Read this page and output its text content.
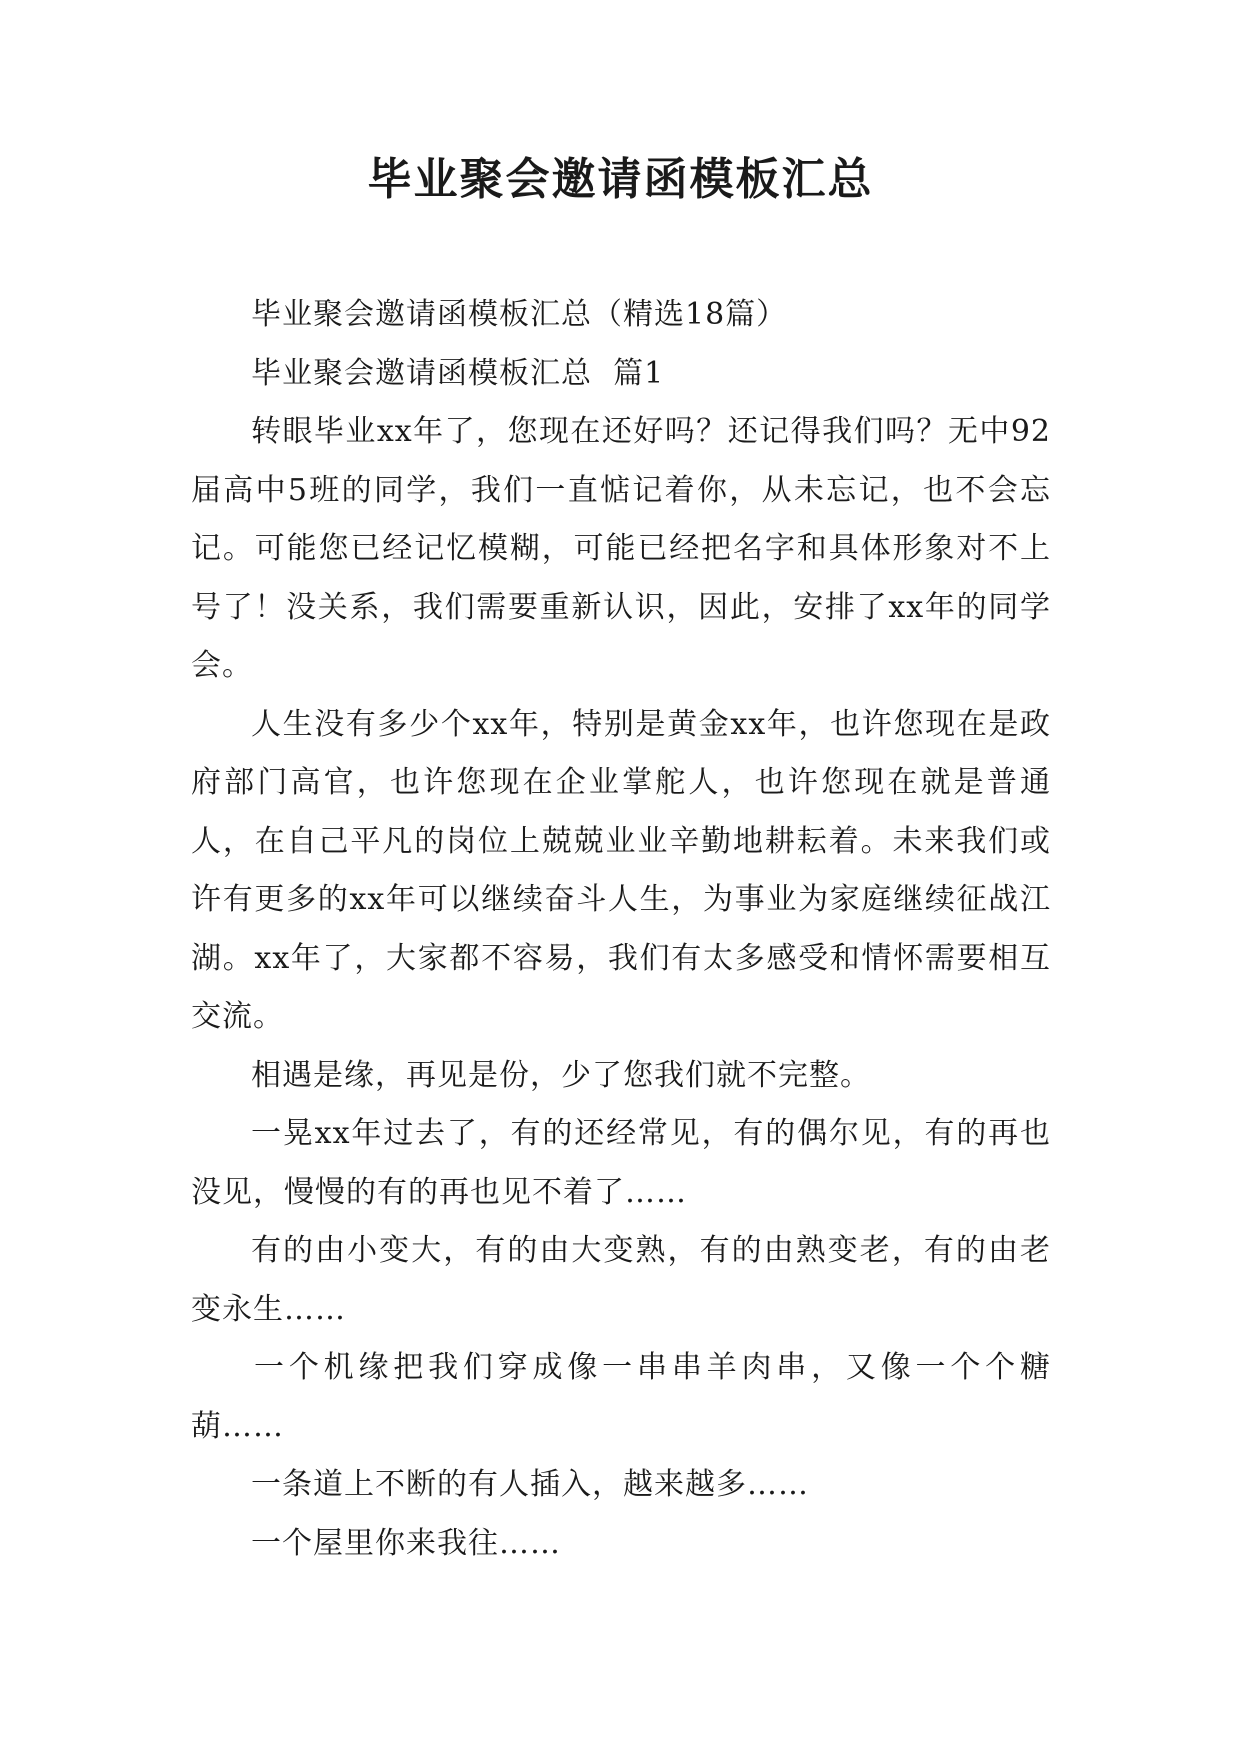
毕业聚会邀请函模板汇总

毕业聚会邀请函模板汇总（精选18篇）

毕业聚会邀请函模板汇总  篇1

转眼毕业xx年了，您现在还好吗？还记得我们吗？无中92届高中5班的同学，我们一直惦记着你，从未忘记，也不会忘记。可能您已经记忆模糊，可能已经把名字和具体形象对不上号了！没关系，我们需要重新认识，因此，安排了xx年的同学会。

人生没有多少个xx年，特别是黄金xx年，也许您现在是政府部门高官，也许您现在企业掌舵人，也许您现在就是普通人，在自己平凡的岗位上兢兢业业辛勤地耕耘着。未来我们或许有更多的xx年可以继续奋斗人生，为事业为家庭继续征战江湖。xx年了，大家都不容易，我们有太多感受和情怀需要相互交流。

相遇是缘，再见是份，少了您我们就不完整。

一晃xx年过去了，有的还经常见，有的偶尔见，有的再也没见，慢慢的有的再也见不着了……

有的由小变大，有的由大变熟，有的由熟变老，有的由老变永生……

一个机缘把我们穿成像一串串羊肉串，又像一个个糖葫……

一条道上不断的有人插入，越来越多……

一个屋里你来我往……
